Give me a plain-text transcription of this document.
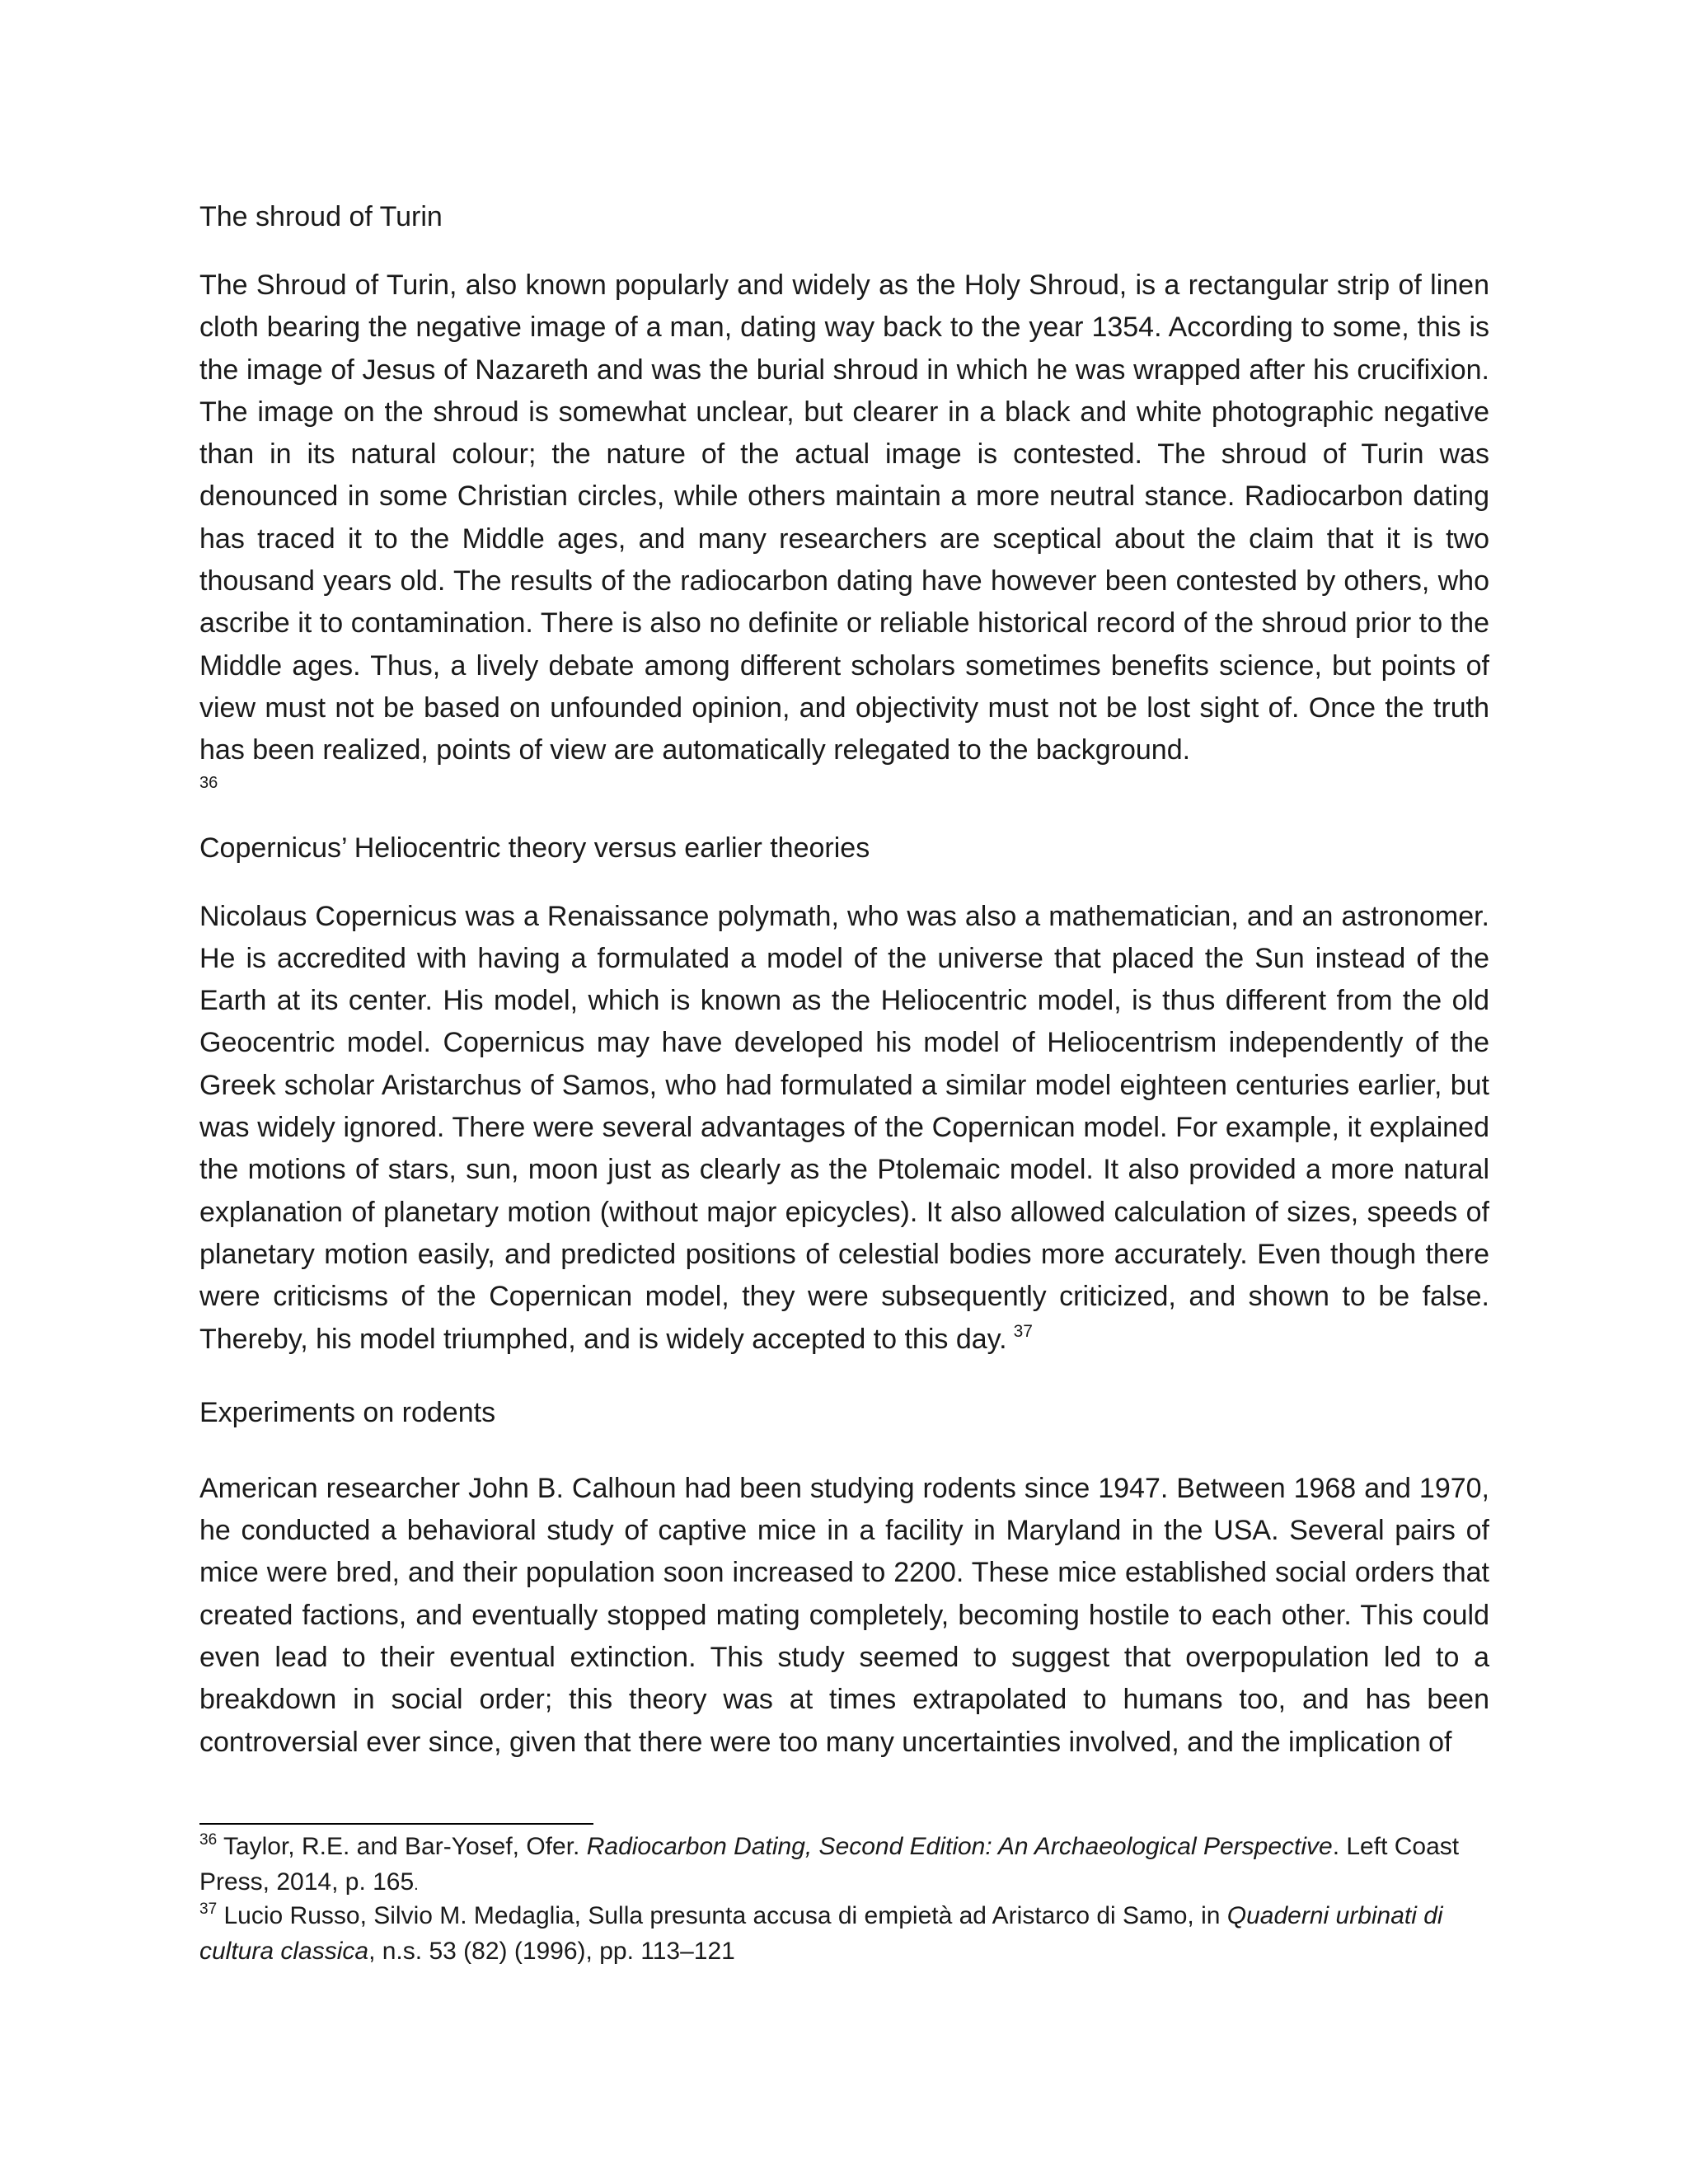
The shroud of Turin

The Shroud of Turin, also known popularly and widely as the Holy Shroud, is a rectangular strip of linen cloth bearing the negative image of a man, dating way back to the year 1354. According to some, this is the image of Jesus of Nazareth and was the burial shroud in which he was wrapped after his crucifixion. The image on the shroud is somewhat unclear, but clearer in a black and white photographic negative than in its natural colour; the nature of the actual image is contested. The shroud of Turin was denounced in some Christian circles, while others maintain a more neutral stance. Radiocarbon dating has traced it to the Middle ages, and many researchers are sceptical about the claim that it is two thousand years old. The results of the radiocarbon dating have however been contested by others, who ascribe it to contamination. There is also no definite or reliable historical record of the shroud prior to the Middle ages. Thus, a lively debate among different scholars sometimes benefits science, but points of view must not be based on unfounded opinion, and objectivity must not be lost sight of. Once the truth has been realized, points of view are automatically relegated to the background.
36

Copernicus’ Heliocentric theory versus earlier theories

Nicolaus Copernicus was a Renaissance polymath, who was also a mathematician, and an astronomer. He is accredited with having a formulated a model of the universe that placed the Sun instead of the Earth at its center. His model, which is known as the Heliocentric model, is thus different from the old Geocentric model. Copernicus may have developed his model of Heliocentrism independently of the Greek scholar Aristarchus of Samos, who had formulated a similar model eighteen centuries earlier, but was widely ignored. There were several advantages of the Copernican model. For example, it explained the motions of stars, sun, moon just as clearly as the Ptolemaic model. It also provided a more natural explanation of planetary motion (without major epicycles). It also allowed calculation of sizes, speeds of planetary motion easily, and predicted positions of celestial bodies more accurately. Even though there were criticisms of the Copernican model, they were subsequently criticized, and shown to be false. Thereby, his model triumphed, and is widely accepted to this day. $^{37}$

Experiments on rodents

American researcher John B. Calhoun had been studying rodents since 1947. Between 1968 and 1970, he conducted a behavioral study of captive mice in a facility in Maryland in the USA. Several pairs of mice were bred, and their population soon increased to 2200. These mice established social orders that created factions, and eventually stopped mating completely, becoming hostile to each other. This could even lead to their eventual extinction. This study seemed to suggest that overpopulation led to a breakdown in social order; this theory was at times extrapolated to humans too, and has been controversial ever since, given that there were too many uncertainties involved, and the implication of

$^{36}$ Taylor, R.E. and Bar-Yosef, Ofer. Radiocarbon Dating, Second Edition: An Archaeological Perspective. Left Coast Press, 2014, p. 165.

$^{37}$ Lucio Russo, Silvio M. Medaglia, Sulla presunta accusa di empietà ad Aristarco di Samo, in Quaderni urbinati di cultura classica, n.s. 53 (82) (1996), pp. 113–121
